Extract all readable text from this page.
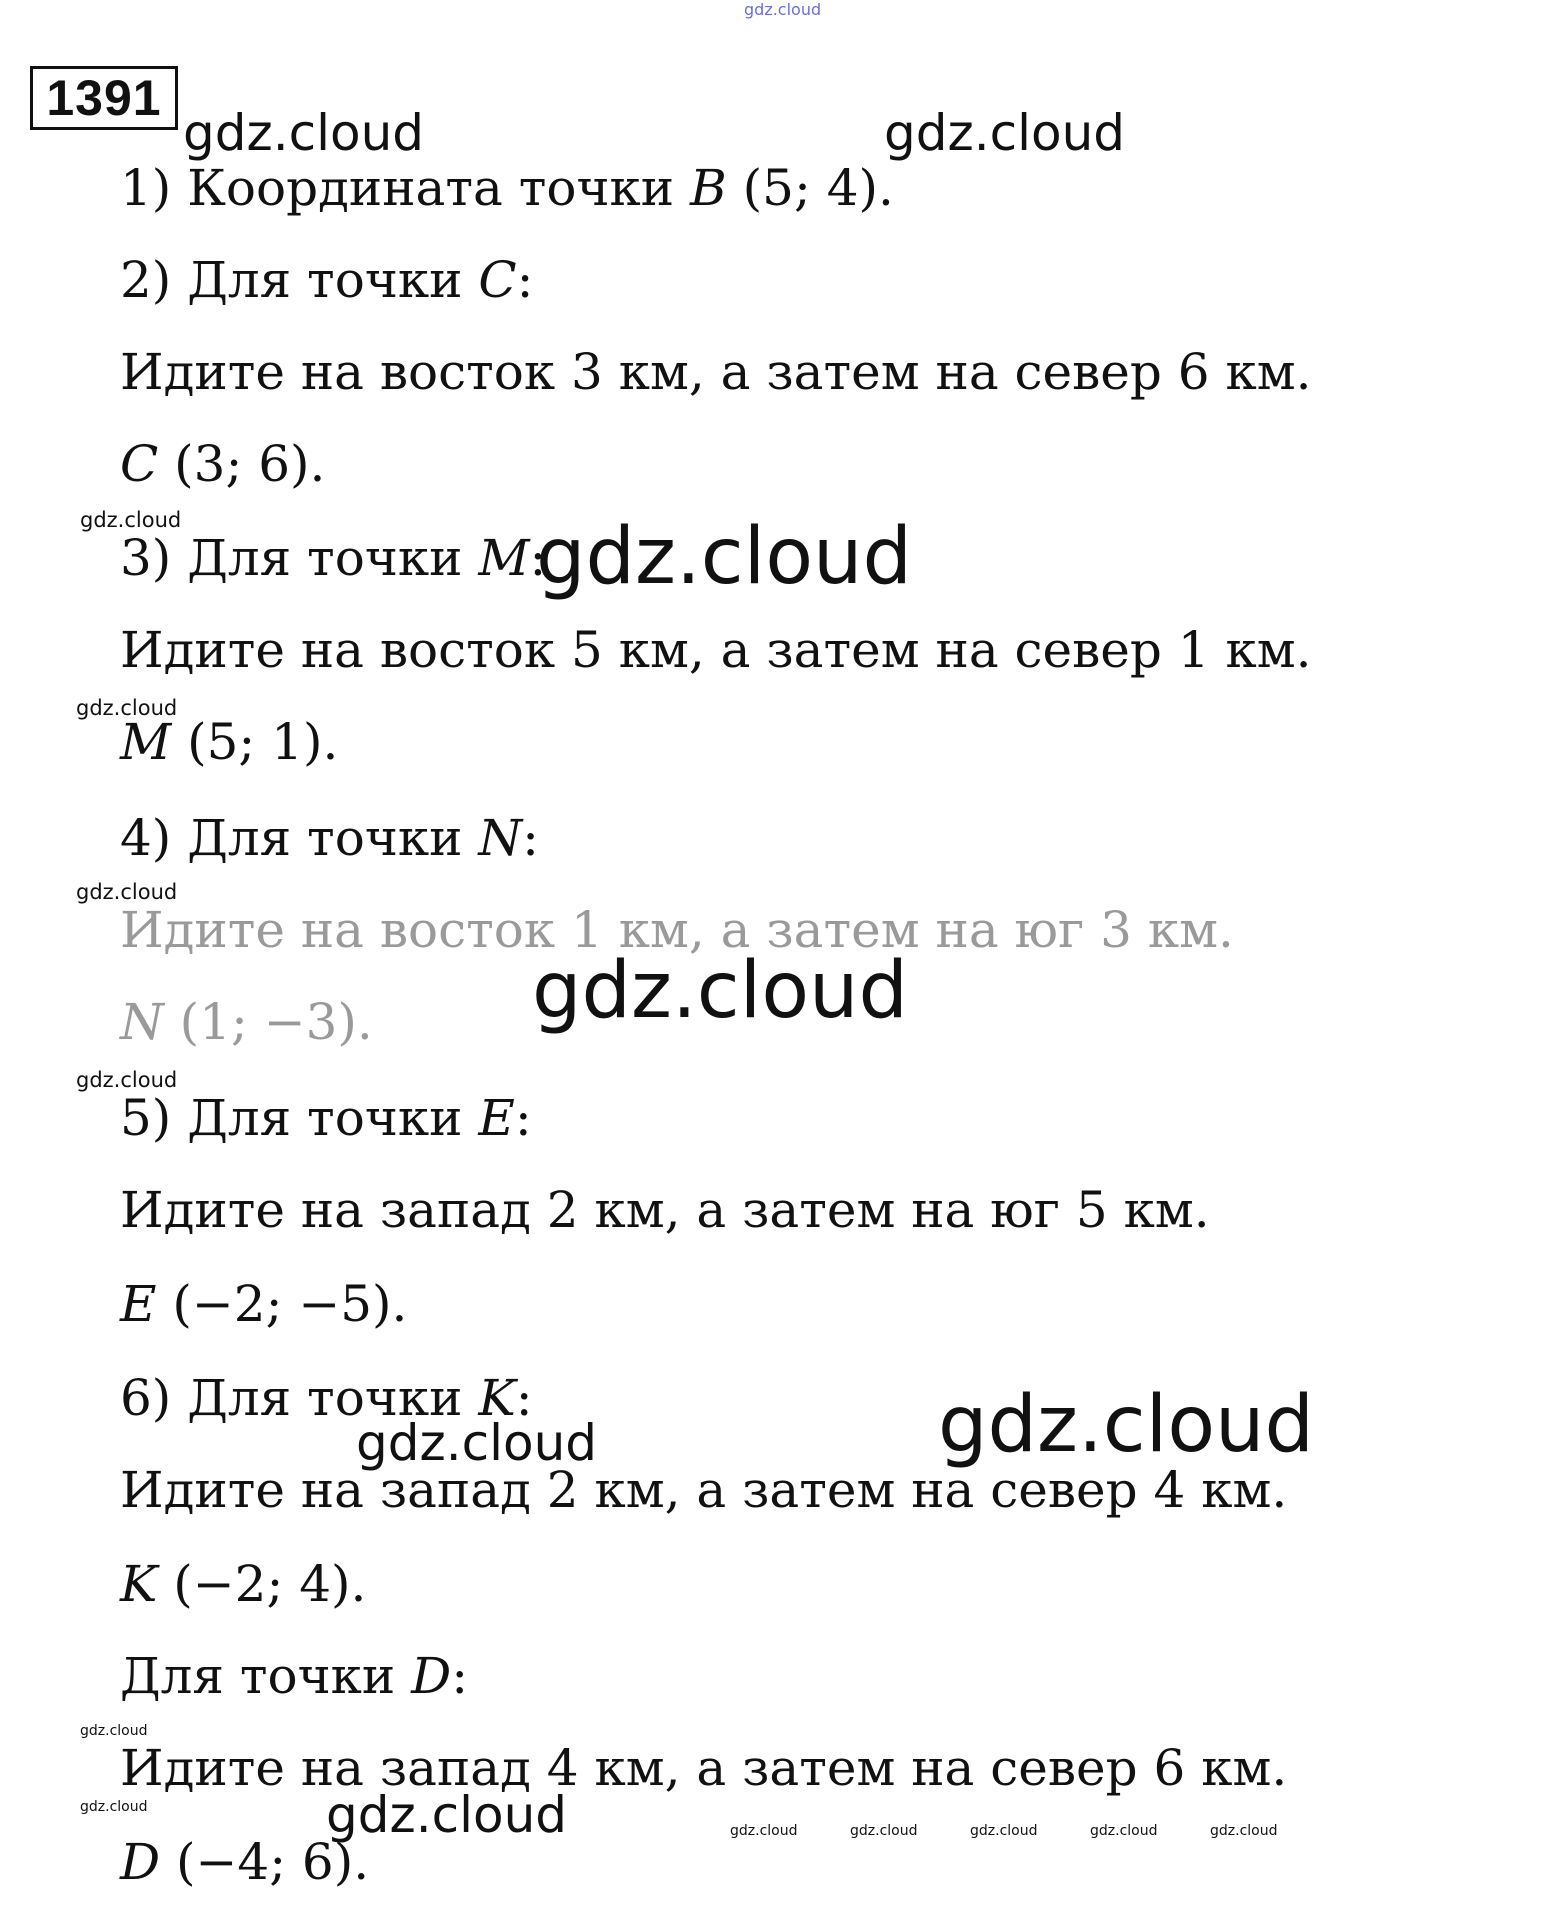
gdz.cloud
1391
gdz.cloud	gdz.cloud
1) Координата точки 𝐵 (5; 4).
2) Для точки 𝐶:
Идите на восток 3 км, а затем на север 6 км.
𝐶 (3; 6).
gdz.cloud
3) Для точки 𝑀:
gdz.cloud
Идите на восток 5 км, а затем на север 1 км.
gdz.cloud
𝑀 (5; 1).
4) Для точки 𝑁:
gdz.cloud
Идите на восток 1 км, а затем на юг 3 км.
𝑁 (1; −3). gdz.cloud
gdz.cloud
5) Для точки 𝐸:
Идите на запад 2 км, а затем на юг 5 км.
𝐸 (−2; −5).
6) Для точки 𝐾:
gdz.cloud	gdz.cloud
Идите на запад 2 км, а затем на север 4 км.
𝐾 (−2; 4).
Для точки 𝐷:
gdz.cloud
Идите на запад 4 км, а затем на север 6 км.
gdz.cloud	gdz.cloud	gdz.cloud	gdz.cloud	gdz.cloud	gdz.cloud	gdz.cloud
𝐷 (−4; 6).
